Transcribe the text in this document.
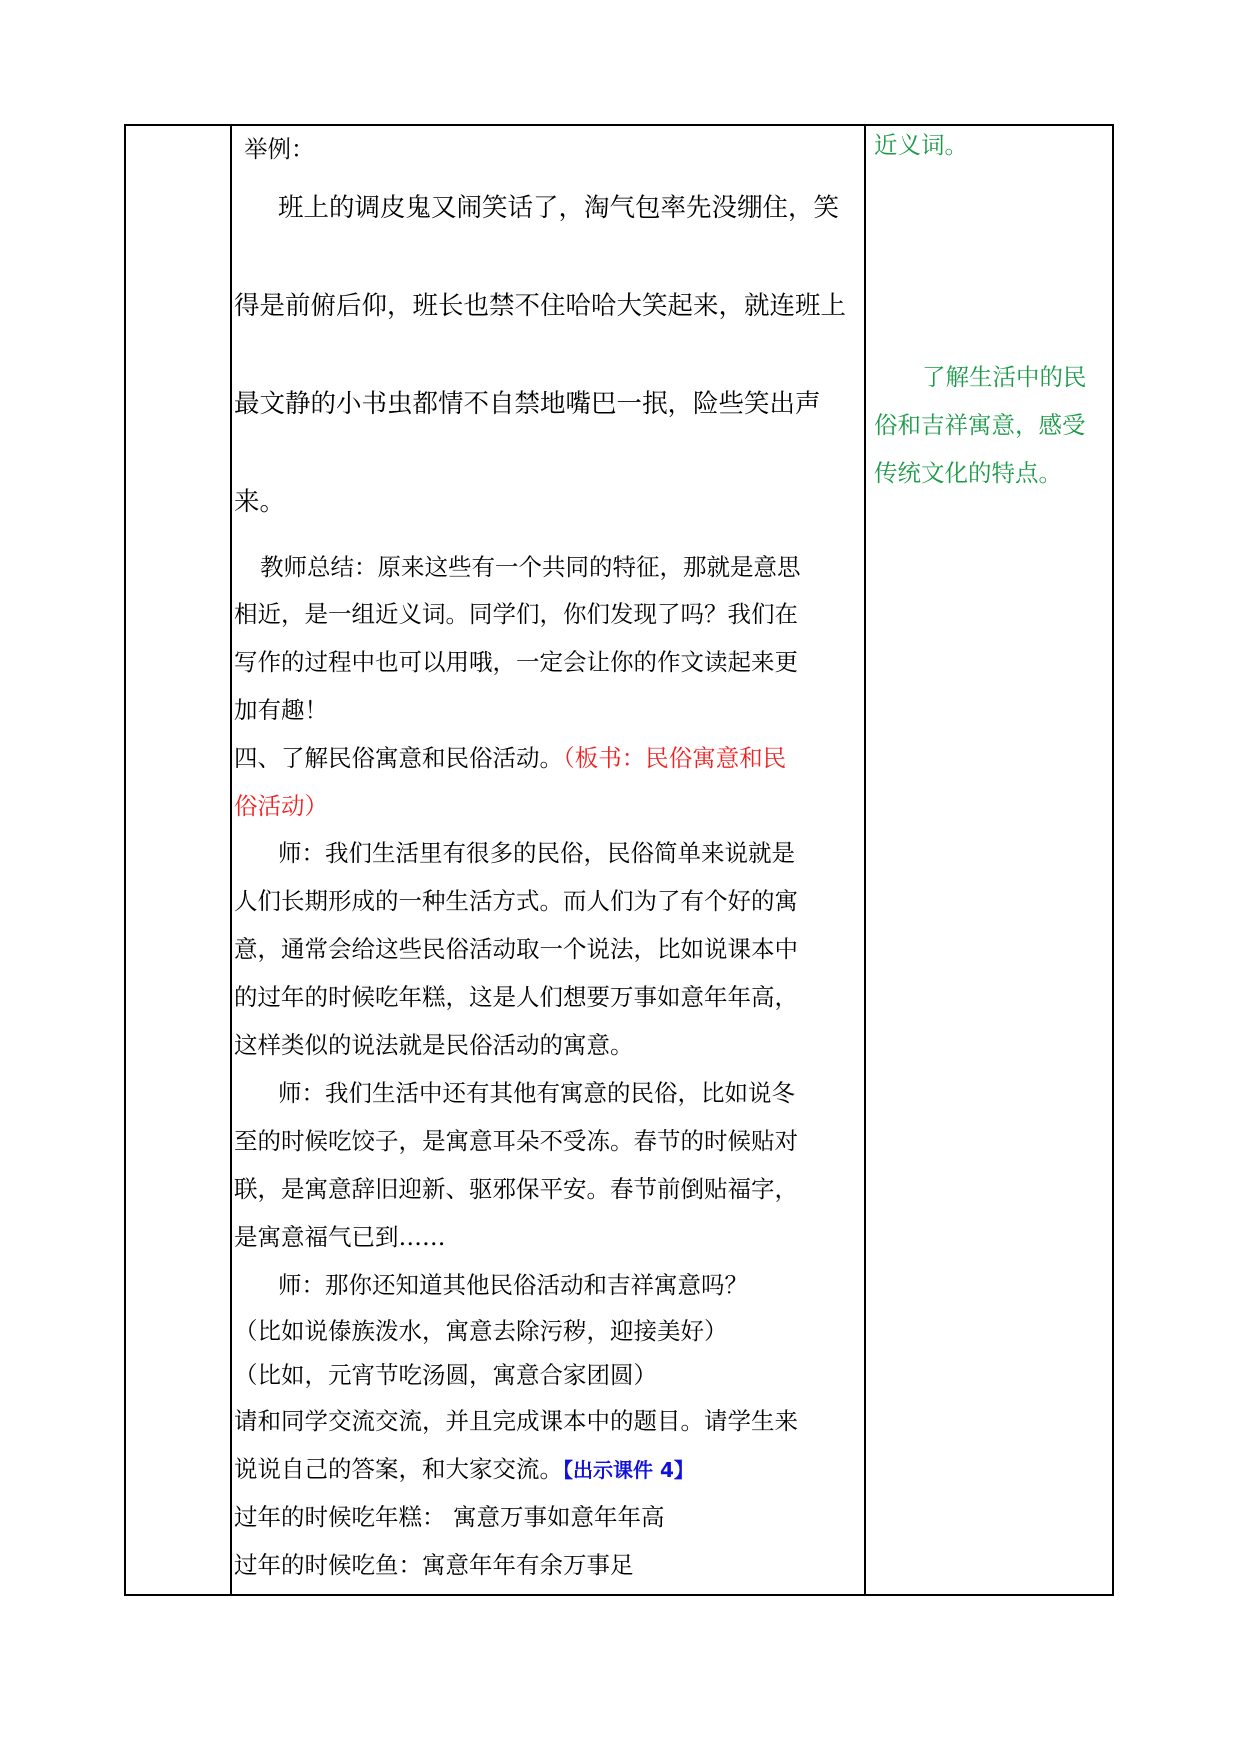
举例：
班上的调皮鬼又闹笑话了，淘气包率先没绷住，笑
得是前俯后仰，班长也禁不住哈哈大笑起来，就连班上
最文静的小书虫都情不自禁地嘴巴一抿，险些笑出声
来。
教师总结：原来这些有一个共同的特征，那就是意思
相近，是一组近义词。同学们，你们发现了吗？我们在
写作的过程中也可以用哦，一定会让你的作文读起来更
加有趣！
四、了解民俗寓意和民俗活动。（板书：民俗寓意和民
俗活动）
师：我们生活里有很多的民俗，民俗简单来说就是
人们长期形成的一种生活方式。而人们为了有个好的寓
意，通常会给这些民俗活动取一个说法，比如说课本中
的过年的时候吃年糕，这是人们想要万事如意年年高，
这样类似的说法就是民俗活动的寓意。
师：我们生活中还有其他有寓意的民俗，比如说冬
至的时候吃饺子，是寓意耳朵不受冻。春节的时候贴对
联，是寓意辞旧迎新、驱邪保平安。春节前倒贴福字，
是寓意福气已到……
师：那你还知道其他民俗活动和吉祥寓意吗？
（比如说傣族泼水，寓意去除污秽，迎接美好）
（比如，元宵节吃汤圆，寓意合家团圆）
请和同学交流交流，并且完成课本中的题目。请学生来
说说自己的答案，和大家交流。【出示课件 4】
过年的时候吃年糕： 寓意万事如意年年高
过年的时候吃鱼：寓意年年有余万事足
近义词。
了解生活中的民
俗和吉祥寓意，感受
传统文化的特点。
